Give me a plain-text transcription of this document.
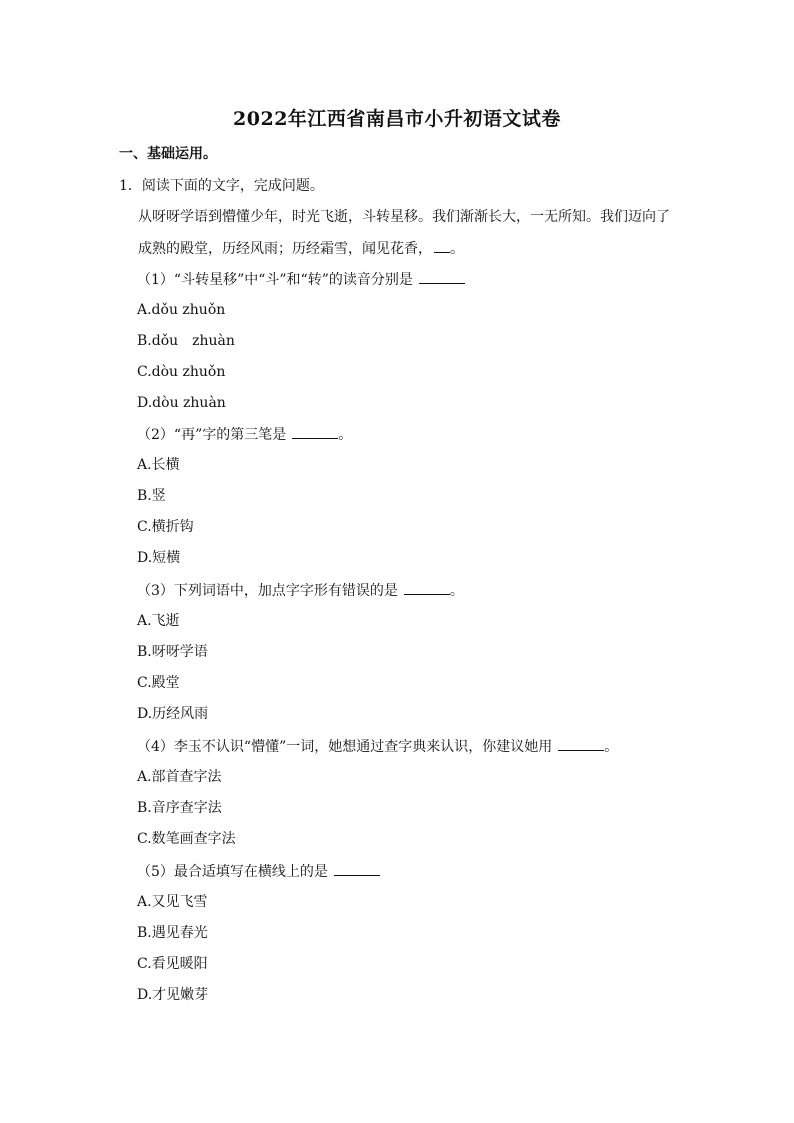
2022年江西省南昌市小升初语文试卷
一、基础运用。
1．阅读下面的文字，完成问题。
从呀呀学语到懵懂少年，时光飞逝，斗转星移。我们渐渐长大，一无所知。我们迈向了
成熟的殿堂，历经风雨；历经霜雪，闻见花香， 。
（1）“斗转星移”中“斗”和“转”的读音分别是
A.dǒu zhuǒn
B.dǒu　zhuàn
C.dòu zhuǒn
D.dòu zhuàn
（2）“再”字的第三笔是	。
A.长横
B.竖
C.横折钩
D.短横
（3）下列词语中，加点字字形有错误的是	。
A.飞逝
B.呀呀学语
C.殿堂
D.历经风雨
（4）李玉不认识“懵懂”一词，她想通过查字典来认识，你建议她用	。
A.部首查字法
B.音序查字法
C.数笔画查字法
（5）最合适填写在横线上的是
A.又见飞雪
B.遇见春光
C.看见暖阳
D.才见嫩芽
